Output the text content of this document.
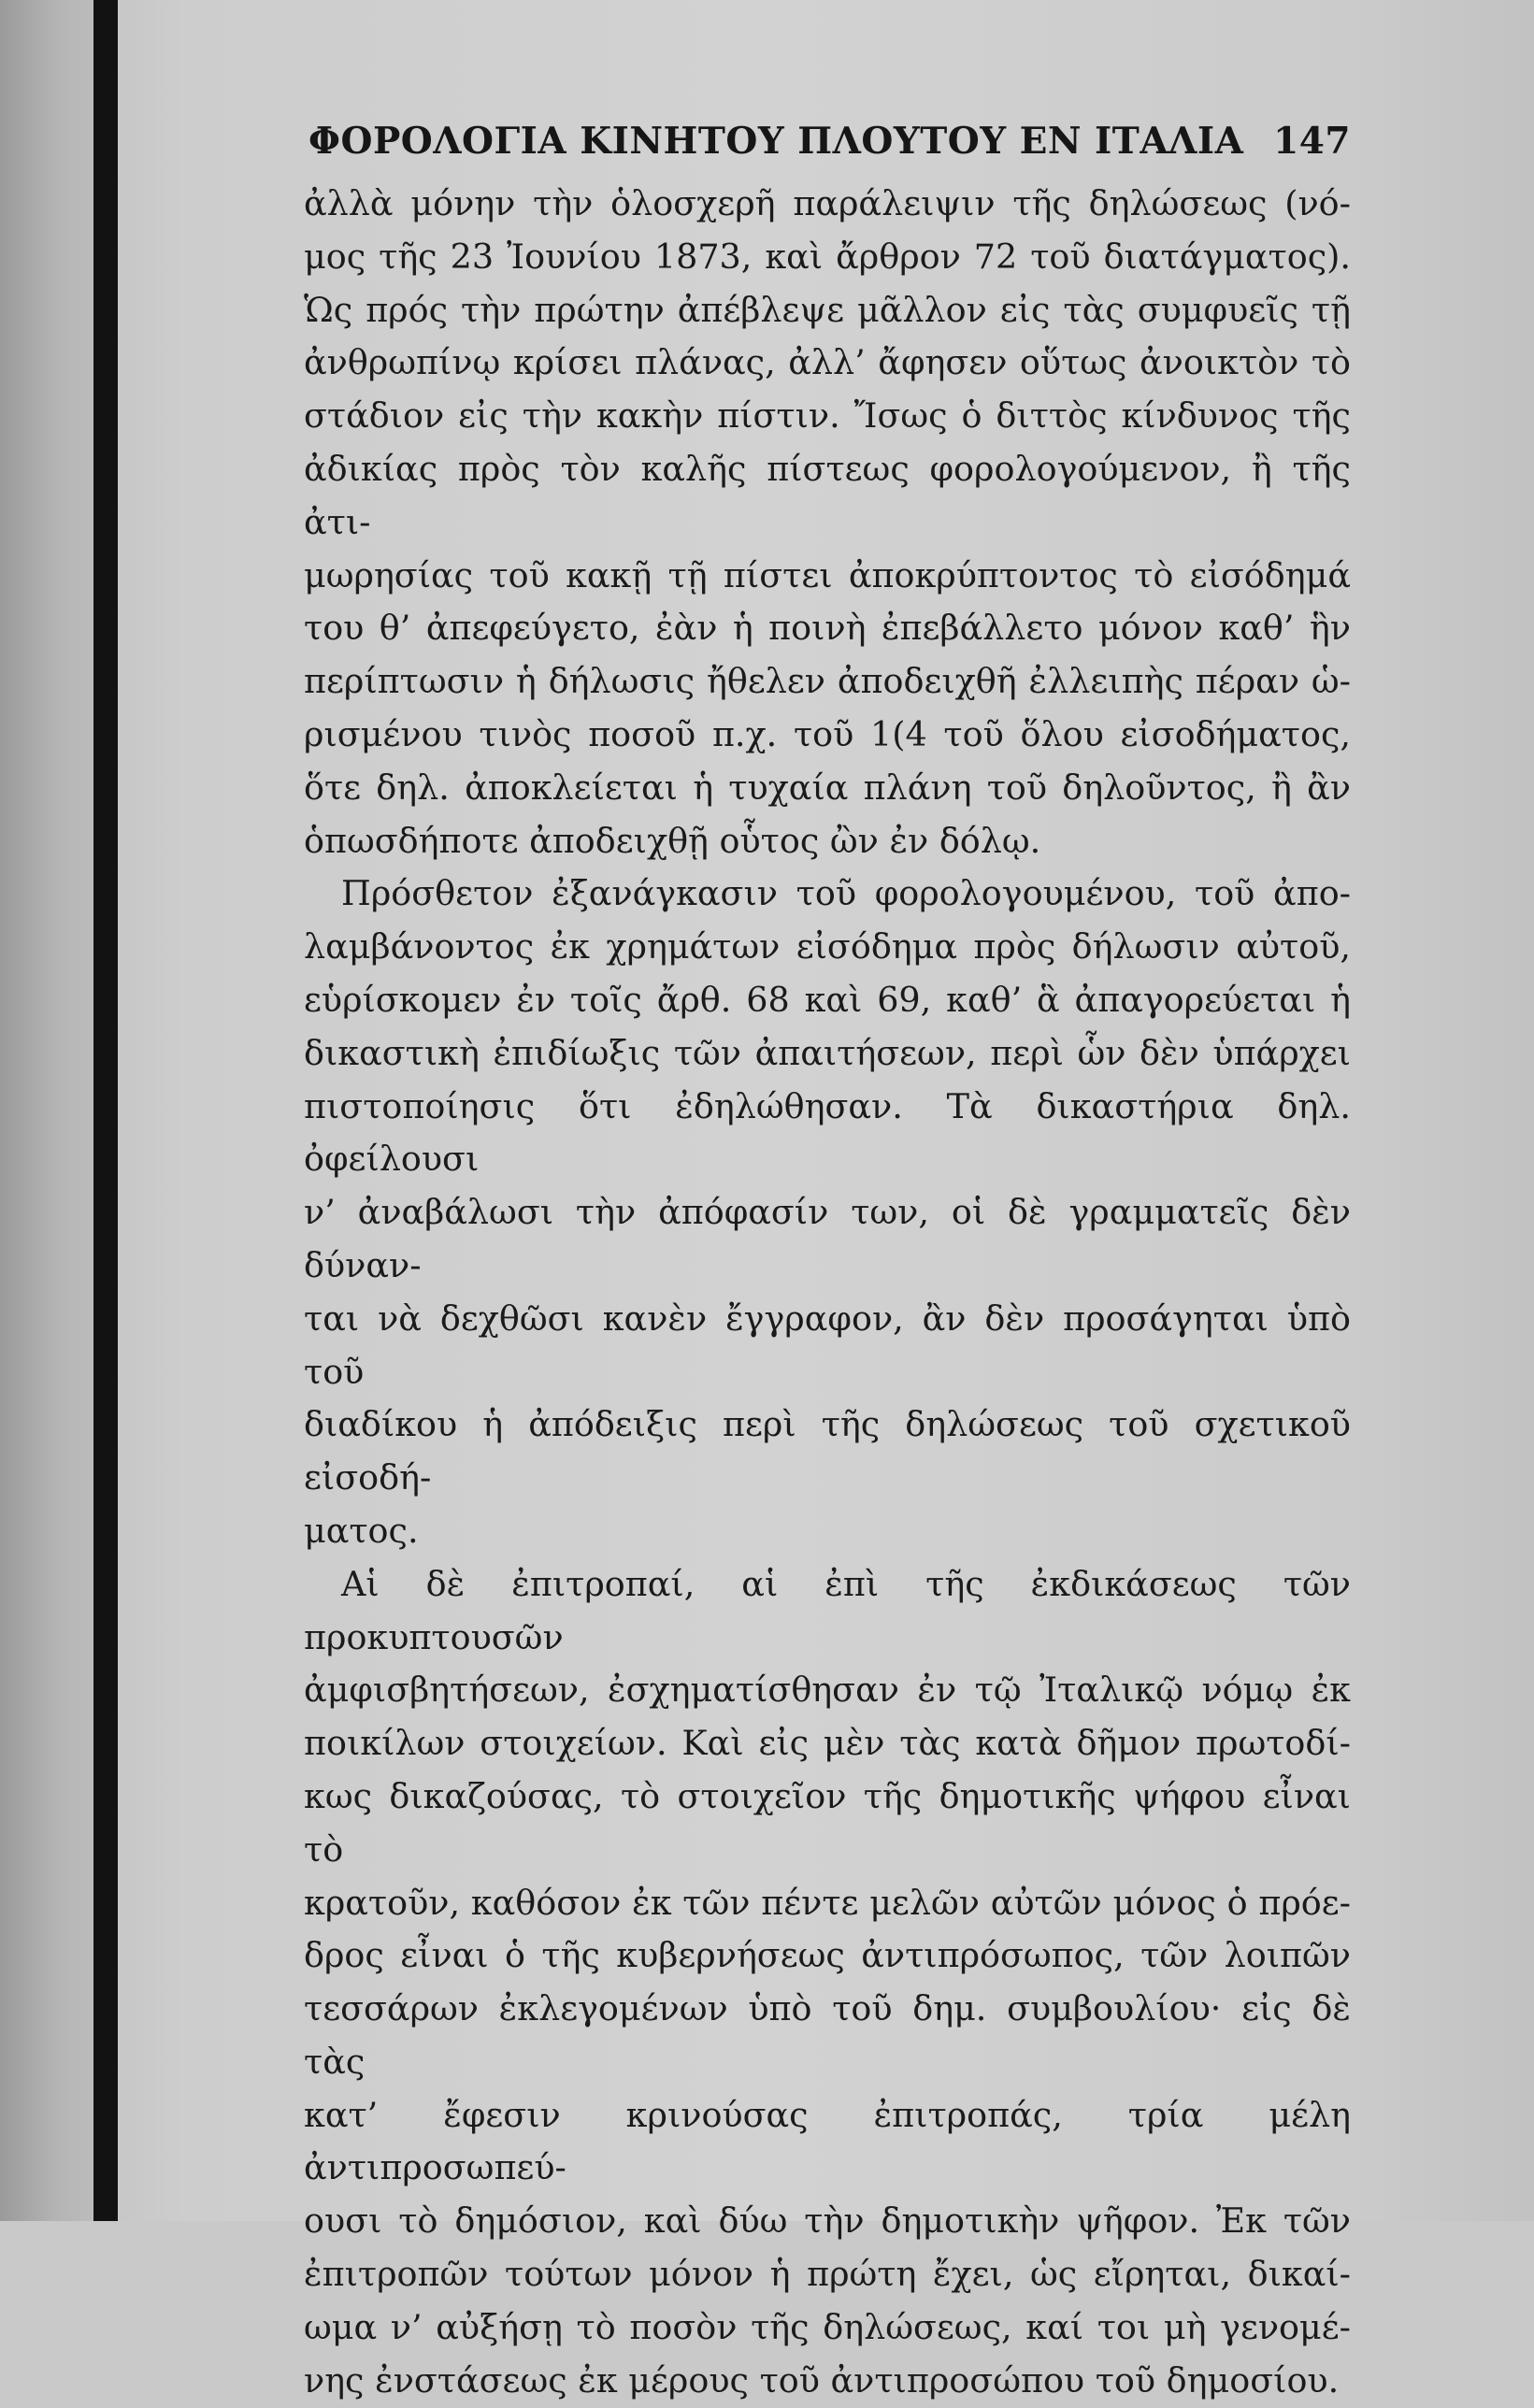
ΦΟΡΟΛΟΓΙΑ ΚΙΝΗΤΟΥ ΠΛΟΥΤΟΥ ΕΝ ΙΤΑΛΙΑ 147

ἀλλὰ μόνην τὴν ὁλοσχερῆ παράλειψιν τῆς δηλώσεως (νό-

μος τῆς 23 Ἰουνίου 1873, καὶ ἄρθρον 72 τοῦ διατάγματος).

Ὡς πρός τὴν πρώτην ἀπέβλεψε μᾶλλον εἰς τὰς συμφυεῖς τῇ

ἀνθρωπίνῳ κρίσει πλάνας, ἀλλ’ ἄφησεν οὕτως ἀνοικτὸν τὸ

στάδιον εἰς τὴν κακὴν πίστιν. Ἴσως ὁ διττὸς κίνδυνος τῆς

ἀδικίας πρὸς τὸν καλῆς πίστεως φορολογούμενον, ἢ τῆς ἀτι-

μωρησίας τοῦ κακῇ τῇ πίστει ἀποκρύπτοντος τὸ εἰσόδημά

του θ’ ἀπεφεύγετο, ἐὰν ἡ ποινὴ ἐπεβάλλετο μόνον καθ’ ἣν

περίπτωσιν ἡ δήλωσις ἤθελεν ἀποδειχθῆ ἐλλειπὴς πέραν ὡ-

ρισμένου τινὸς ποσοῦ π.χ. τοῦ 1(4 τοῦ ὅλου εἰσοδήματος,

ὅτε δηλ. ἀποκλείεται ἡ τυχαία πλάνη τοῦ δηλοῦντος, ἢ ἂν

ὁπωσδήποτε ἀποδειχθῇ οὗτος ὢν ἐν δόλῳ.

Πρόσθετον ἐξανάγκασιν τοῦ φορολογουμένου, τοῦ ἀπο-

λαμβάνοντος ἐκ χρημάτων εἰσόδημα πρὸς δήλωσιν αὐτοῦ,

εὑρίσκομεν ἐν τοῖς ἄρθ. 68 καὶ 69, καθ’ ἃ ἀπαγορεύεται ἡ

δικαστικὴ ἐπιδίωξις τῶν ἀπαιτήσεων, περὶ ὧν δὲν ὑπάρχει

πιστοποίησις ὅτι ἐδηλώθησαν. Τὰ δικαστήρια δηλ. ὀφείλουσι

ν’ ἀναβάλωσι τὴν ἀπόφασίν των, οἱ δὲ γραμματεῖς δὲν δύναν-

ται νὰ δεχθῶσι κανὲν ἔγγραφον, ἂν δὲν προσάγηται ὑπὸ τοῦ

διαδίκου ἡ ἀπόδειξις περὶ τῆς δηλώσεως τοῦ σχετικοῦ εἰσοδή-

ματος.

Αἱ δὲ ἐπιτροπαί, αἱ ἐπὶ τῆς ἐκδικάσεως τῶν προκυπτουσῶν

ἀμφισβητήσεων, ἐσχηματίσθησαν ἐν τῷ Ἰταλικῷ νόμῳ ἐκ

ποικίλων στοιχείων. Καὶ εἰς μὲν τὰς κατὰ δῆμον πρωτοδί-

κως δικαζούσας, τὸ στοιχεῖον τῆς δημοτικῆς ψήφου εἶναι τὸ

κρατοῦν, καθόσον ἐκ τῶν πέντε μελῶν αὐτῶν μόνος ὁ πρόε-

δρος εἶναι ὁ τῆς κυβερνήσεως ἀντιπρόσωπος, τῶν λοιπῶν

τεσσάρων ἐκλεγομένων ὑπὸ τοῦ δημ. συμβουλίου· εἰς δὲ τὰς

κατ’ ἔφεσιν κρινούσας ἐπιτροπάς, τρία μέλη ἀντιπροσωπεύ-

ουσι τὸ δημόσιον, καὶ δύω τὴν δημοτικὴν ψῆφον. Ἐκ τῶν

ἐπιτροπῶν τούτων μόνον ἡ πρώτη ἔχει, ὡς εἴρηται, δικαί-

ωμα ν’ αὐξήσῃ τὸ ποσὸν τῆς δηλώσεως, καί τοι μὴ γενομέ-

νης ἐνστάσεως ἐκ μέρους τοῦ ἀντιπροσώπου τοῦ δημοσίου.
